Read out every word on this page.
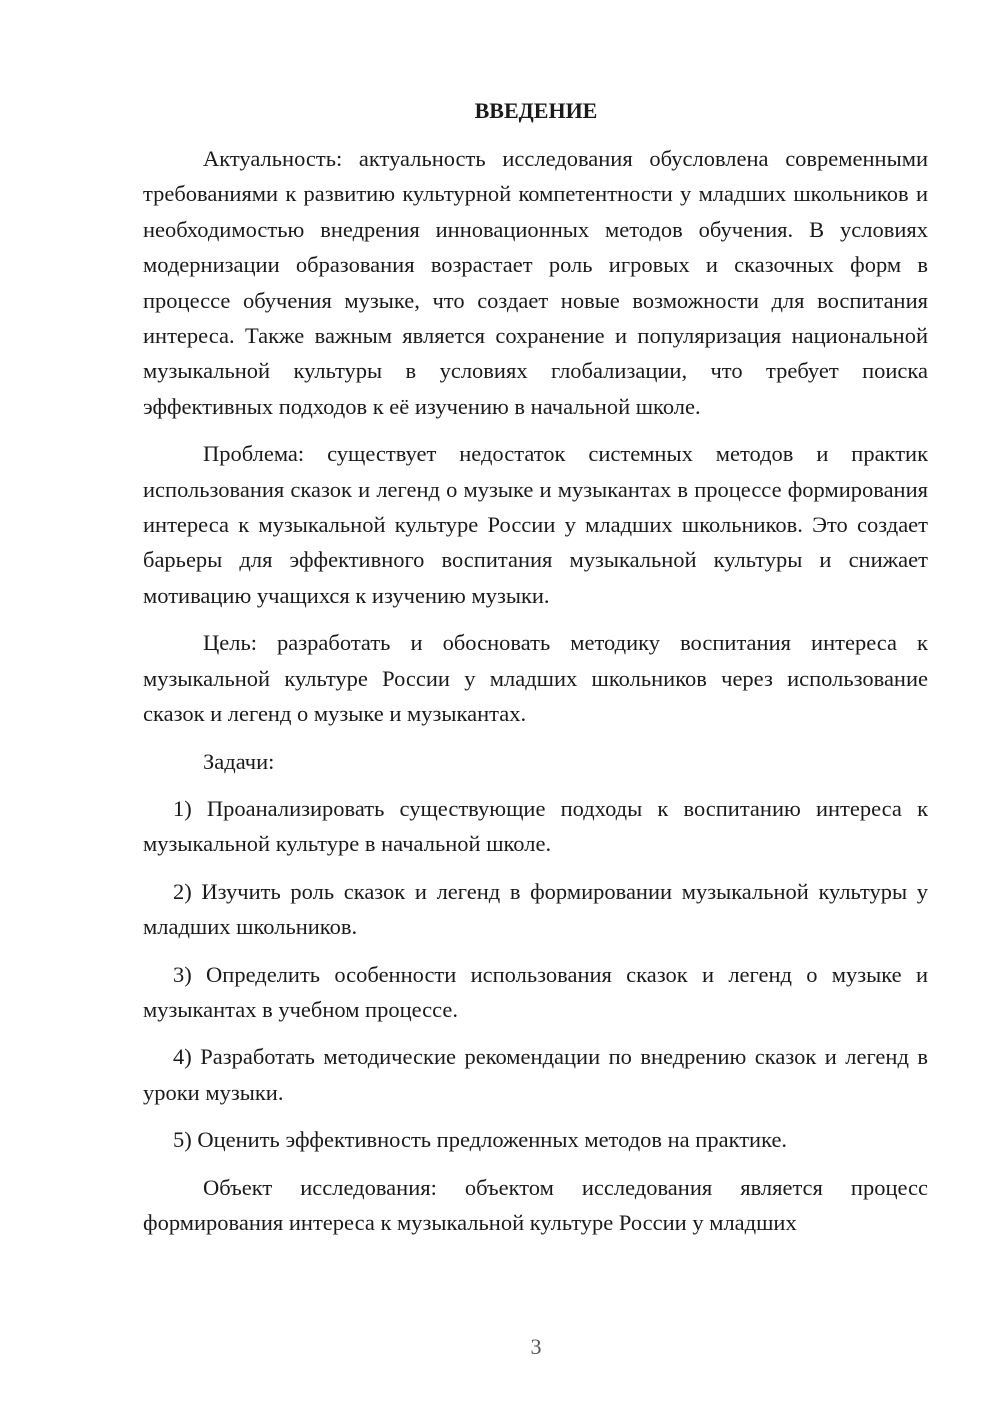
ВВЕДЕНИЕ

Актуальность: актуальность исследования обусловлена современными требованиями к развитию культурной компетентности у младших школьников и необходимостью внедрения инновационных методов обучения. В условиях модернизации образования возрастает роль игровых и сказочных форм в процессе обучения музыке, что создает новые возможности для воспитания интереса. Также важным является сохранение и популяризация национальной музыкальной культуры в условиях глобализации, что требует поиска эффективных подходов к её изучению в начальной школе.

Проблема: существует недостаток системных методов и практик использования сказок и легенд о музыке и музыкантах в процессе формирования интереса к музыкальной культуре России у младших школьников. Это создает барьеры для эффективного воспитания музыкальной культуры и снижает мотивацию учащихся к изучению музыки.

Цель: разработать и обосновать методику воспитания интереса к музыкальной культуре России у младших школьников через использование сказок и легенд о музыке и музыкантах.

Задачи:

1) Проанализировать существующие подходы к воспитанию интереса к музыкальной культуре в начальной школе.

2) Изучить роль сказок и легенд в формировании музыкальной культуры у младших школьников.

3) Определить особенности использования сказок и легенд о музыке и музыкантах в учебном процессе.

4) Разработать методические рекомендации по внедрению сказок и легенд в уроки музыки.

5) Оценить эффективность предложенных методов на практике.

Объект исследования: объектом исследования является процесс формирования интереса к музыкальной культуре России у младших

3
